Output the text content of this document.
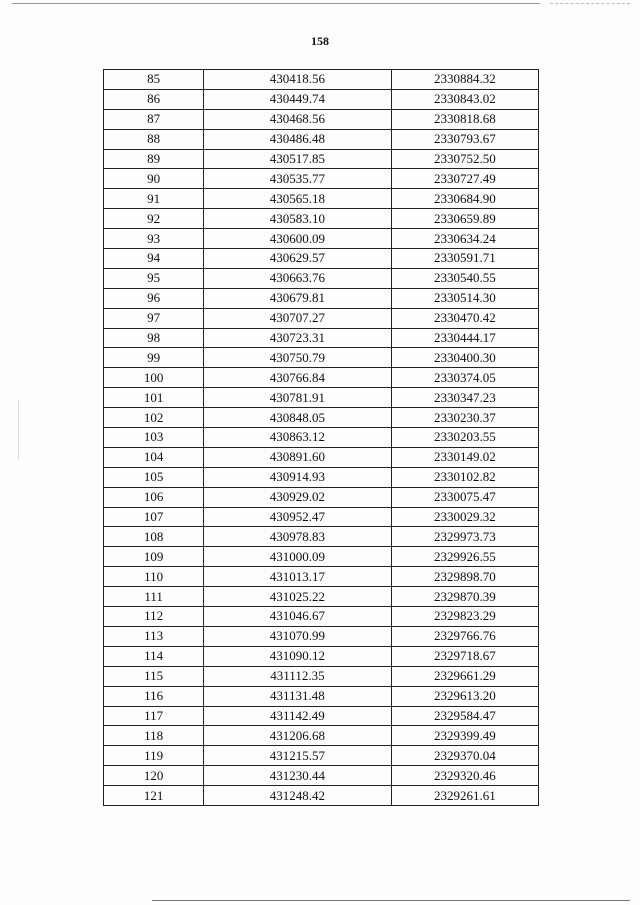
158
85	430418.56	2330884.32
86	430449.74	2330843.02
87	430468.56	2330818.68
88	430486.48	2330793.67
89	430517.85	2330752.50
90	430535.77	2330727.49
91	430565.18	2330684.90
92	430583.10	2330659.89
93	430600.09	2330634.24
94	430629.57	2330591.71
95	430663.76	2330540.55
96	430679.81	2330514.30
97	430707.27	2330470.42
98	430723.31	2330444.17
99	430750.79	2330400.30
100	430766.84	2330374.05
101	430781.91	2330347.23
102	430848.05	2330230.37
103	430863.12	2330203.55
104	430891.60	2330149.02
105	430914.93	2330102.82
106	430929.02	2330075.47
107	430952.47	2330029.32
108	430978.83	2329973.73
109	431000.09	2329926.55
110	431013.17	2329898.70
111	431025.22	2329870.39
112	431046.67	2329823.29
113	431070.99	2329766.76
114	431090.12	2329718.67
115	431112.35	2329661.29
116	431131.48	2329613.20
117	431142.49	2329584.47
118	431206.68	2329399.49
119	431215.57	2329370.04
120	431230.44	2329320.46
121	431248.42	2329261.61
